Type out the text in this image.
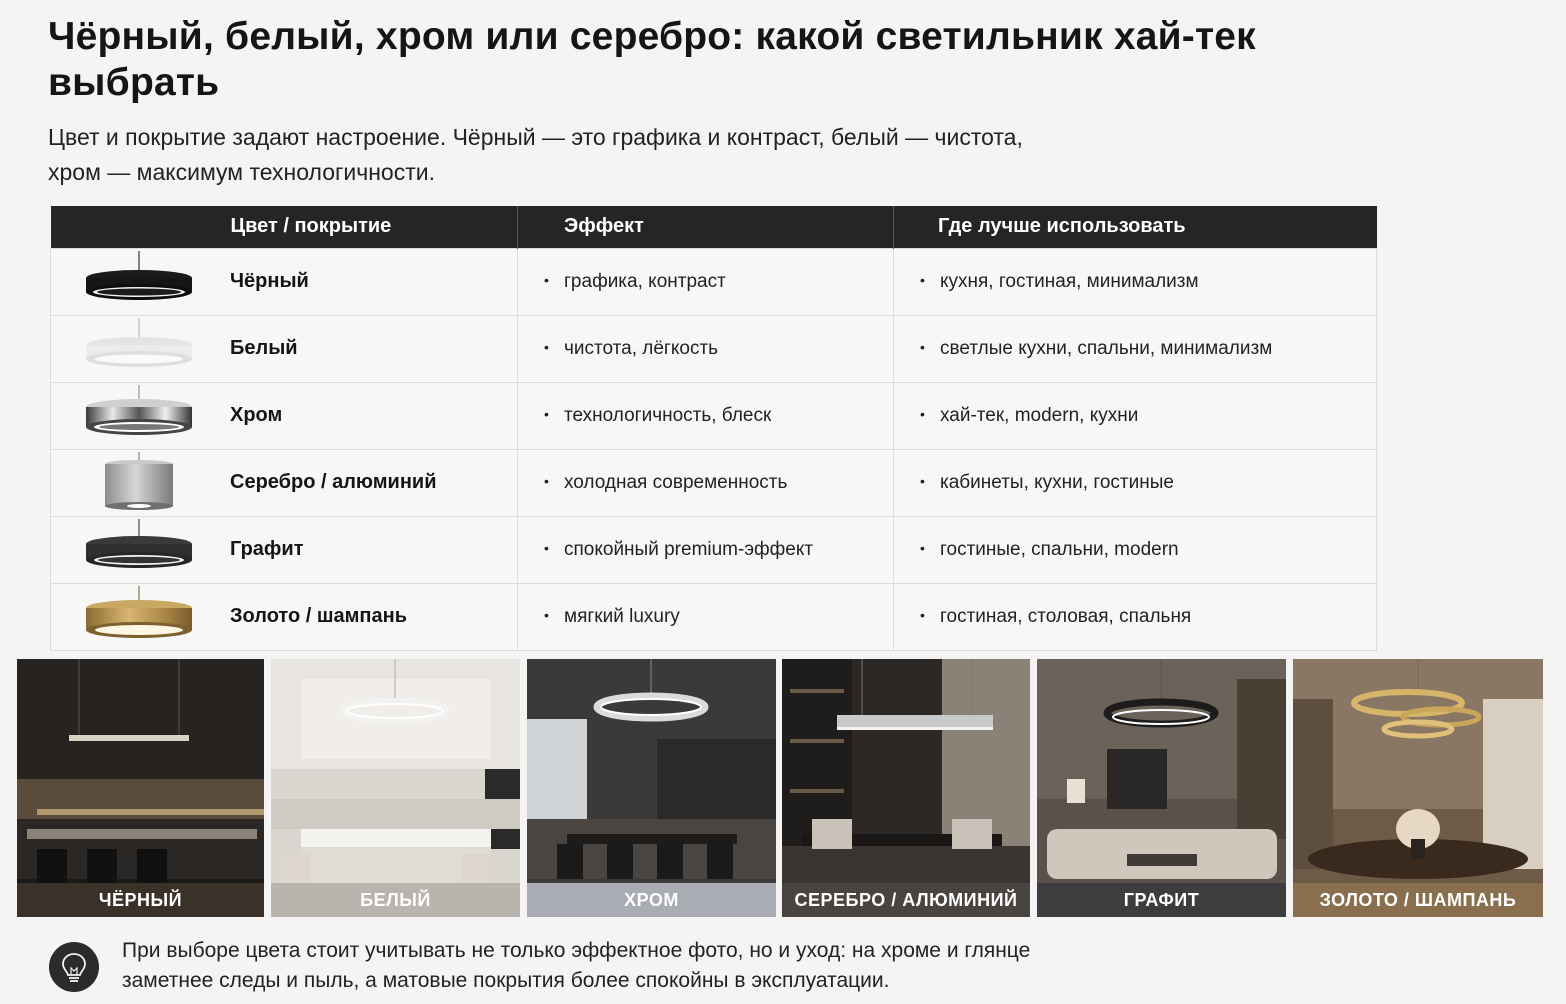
Чёрный, белый, хром или серебро: какой светильник хай-тек выбрать

Цвет и покрытие задают настроение. Чёрный — это графика и контраст, белый — чистота, хром — максимум технологичности.

Цвет / покрытие	Эффект	Где лучше использовать

Чёрный	• графика, контраст	• кухня, гостиная, минимализм

Белый	• чистота, лёгкость	• светлые кухни, спальни, минимализм

Хром	• технологичность, блеск	• хай-тек, modern, кухни

Серебро / алюминий	• холодная современность	• кабинеты, кухни, гостиные

Графит	• спокойный premium-эффект	• гостиные, спальни, modern

Золото / шампань	• мягкий luxury	• гостиная, столовая, спальня
ЧЁРНЫЙ	БЕЛЫЙ	ХРОМ	СЕРЕБРО / АЛЮМИНИЙ	ГРАФИТ	ЗОЛОТО / ШАМПАНЬ

При выборе цвета стоит учитывать не только эффектное фото, но и уход: на хроме и глянце заметнее следы и пыль, а матовые покрытия более спокойны в эксплуатации.
